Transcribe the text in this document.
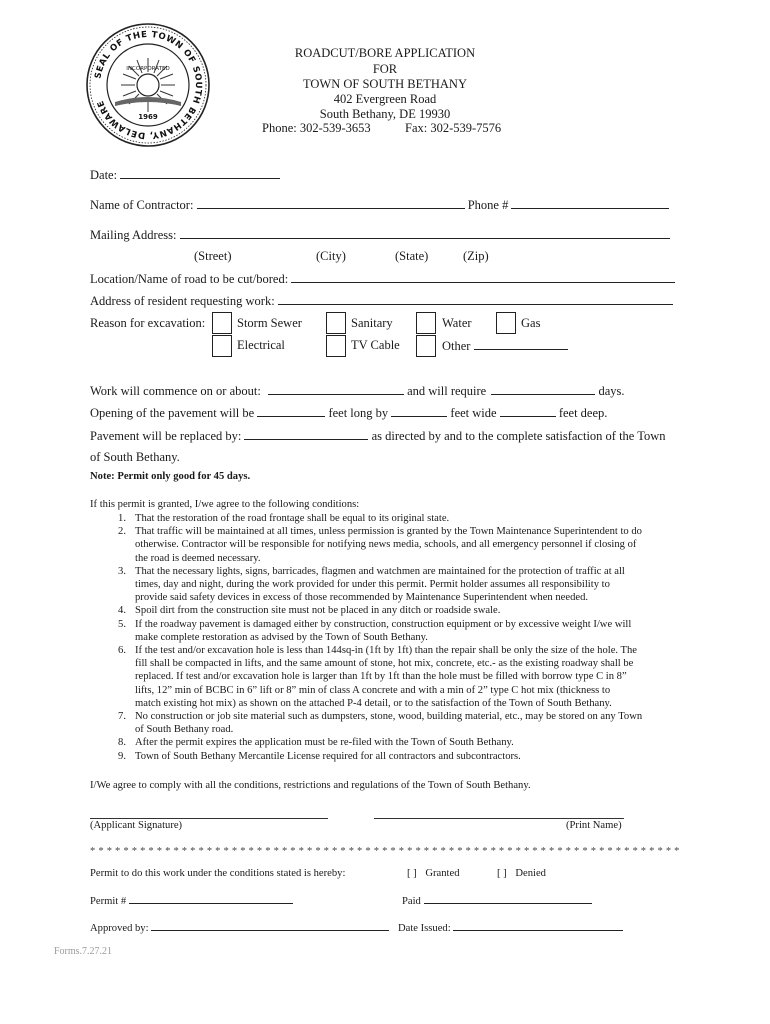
SEAL OF THE TOWN OF SOUTH BETHANY, DELAWARE
INCORPORATED
1969
ROADCUT/BORE APPLICATION
FOR
TOWN OF SOUTH BETHANY
402 Evergreen Road
South Bethany, DE 19930
Phone: 302-539-3653	Fax: 302-539-7576
Date:
Name of Contractor:	Phone #
Mailing Address:
(Street)	(City)	(State)	(Zip)
Location/Name of road to be cut/bored:
Address of resident requesting work:
Reason for excavation:	Storm Sewer	Sanitary	Water	Gas
Electrical	TV Cable	Other
Work will commence on or about:	and will require	days.
Opening of the pavement will be	feet long by	feet wide	feet deep.
Pavement will be replaced by:	as directed by and to the complete satisfaction of the Town
of South Bethany.
Note: Permit only good for 45 days.
If this permit is granted, I/we agree to the following conditions:
1. That the restoration of the road frontage shall be equal to its original state.
2. That traffic will be maintained at all times, unless permission is granted by the Town Maintenance Superintendent to do
otherwise. Contractor will be responsible for notifying news media, schools, and all emergency personnel if closing of
the road is deemed necessary.
3. That the necessary lights, signs, barricades, flagmen and watchmen are maintained for the protection of traffic at all
times, day and night, during the work provided for under this permit. Permit holder assumes all responsibility to
provide said safety devices in excess of those recommended by Maintenance Superintendent when needed.
4. Spoil dirt from the construction site must not be placed in any ditch or roadside swale.
5. If the roadway pavement is damaged either by construction, construction equipment or by excessive weight I/we will
make complete restoration as advised by the Town of South Bethany.
6. If the test and/or excavation hole is less than 144sq-in (1ft by 1ft) than the repair shall be only the size of the hole. The
fill shall be compacted in lifts, and the same amount of stone, hot mix, concrete, etc.- as the existing roadway shall be
replaced. If test and/or excavation hole is larger than 1ft by 1ft than the hole must be filled with borrow type C in 8”
lifts, 12” min of BCBC in 6” lift or 8” min of class A concrete and with a min of 2” type C hot mix (thickness to
match existing hot mix) as shown on the attached P-4 detail, or to the satisfaction of the Town of South Bethany.
7. No construction or job site material such as dumpsters, stone, wood, building material, etc., may be stored on any Town
of South Bethany road.
8. After the permit expires the application must be re-filed with the Town of South Bethany.
9. Town of South Bethany Mercantile License required for all contractors and subcontractors.
I/We agree to comply with all the conditions, restrictions and regulations of the Town of South Bethany.
(Applicant Signature)	(Print Name)
* * * * * * * * * * * * * * * * * * * * * * * * * * * * * * * * * * * * * * * * * * * * * * * * * * * * * * * * * * * * * * * * * * * * * * *
Permit to do this work under the conditions stated is hereby:	[ ] Granted	[ ] Denied
Permit #	Paid
Approved by:	Date Issued:
Forms.7.27.21
